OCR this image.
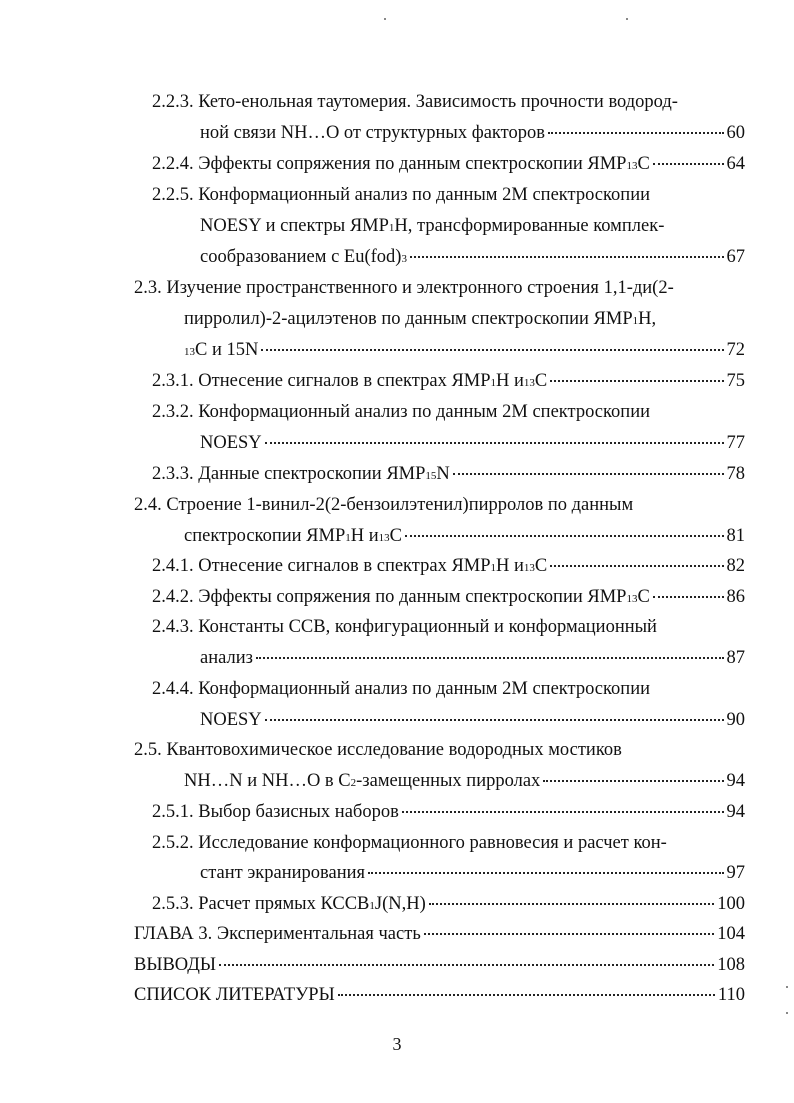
2.2.3. Кето-енольная таутомерия. Зависимость прочности водород-
ной связи NH…O от структурных факторов	60
2.2.4. Эффекты сопряжения по данным спектроскопии ЯМР 13 C	64
2.2.5. Конформационный анализ по данным 2М спектроскопии
NOESY и спектры ЯМР 1 H, трансформированные комплек-
сообразованием с Eu(fod) 3	67
2.3. Изучение пространственного и электронного строения 1,1-ди(2-
пирролил)-2-ацилэтенов по данным спектроскопии ЯМР 1 H,
13 C и 15N	72
2.3.1. Отнесение сигналов в спектрах ЯМР 1 H и 13 C	75
2.3.2. Конформационный анализ по данным 2М спектроскопии
NOESY	77
2.3.3. Данные спектроскопии ЯМР 15 N	78
2.4. Строение 1-винил-2(2-бензоилэтенил)пирролов по данным
спектроскопии ЯМР 1 H и 13 C	81
2.4.1. Отнесение сигналов в спектрах ЯМР 1 H и 13 C	82
2.4.2. Эффекты сопряжения по данным спектроскопии ЯМР 13 C	86
2.4.3. Константы ССВ, конфигурационный и конформационный
анализ	87
2.4.4. Конформационный анализ по данным 2М спектроскопии
NOESY	90
2.5. Квантовохимическое исследование водородных мостиков
NH…N и NH…O в C 2 -замещенных пирролах	94
2.5.1. Выбор базисных наборов	94
2.5.2. Исследование конформационного равновесия и расчет кон-
стант экранирования	97
2.5.3. Расчет прямых КССВ 1 J(N,H)	100
ГЛАВА 3. Экспериментальная часть	104
ВЫВОДЫ	108
СПИСОК ЛИТЕРАТУРЫ	110
3
